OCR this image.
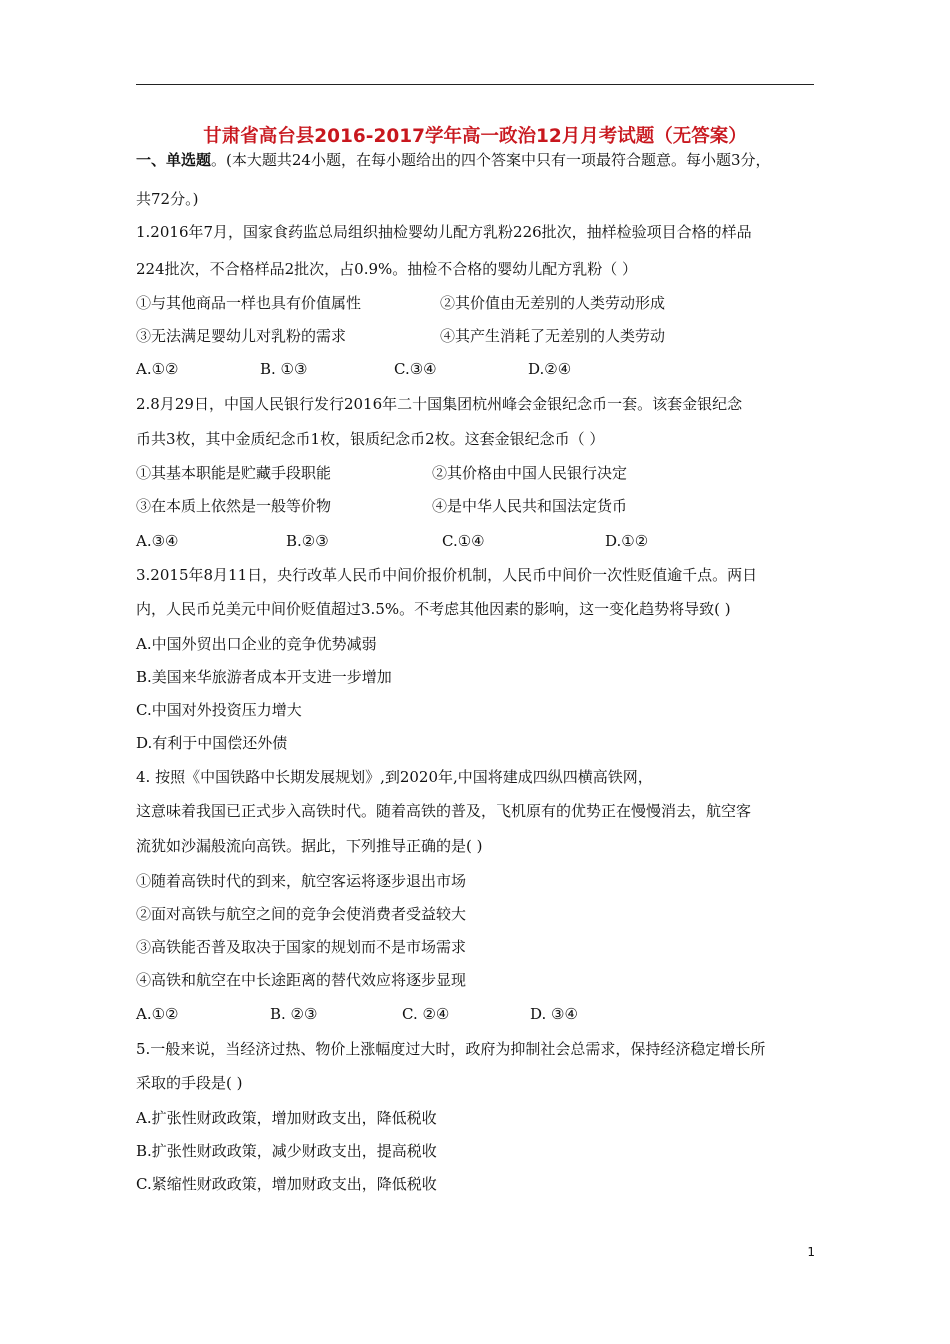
甘肃省高台县2016-2017学年高一政治12月月考试题（无答案）
一、单选题。(本大题共24小题，在每小题给出的四个答案中只有一项最符合题意。每小题3分，
共72分。)
1.2016年7月，国家食药监总局组织抽检婴幼儿配方乳粉226批次，抽样检验项目合格的样品
224批次，不合格样品2批次，占0.9%。抽检不合格的婴幼儿配方乳粉（ ）
①与其他商品一样也具有价值属性	②其价值由无差别的人类劳动形成
③无法满足婴幼儿对乳粉的需求	④其产生消耗了无差别的人类劳动
A.①②	B. ①③	C.③④	D.②④
2.8月29日，中国人民银行发行2016年二十国集团杭州峰会金银纪念币一套。该套金银纪念
币共3枚，其中金质纪念币1枚，银质纪念币2枚。这套金银纪念币（ ）
①其基本职能是贮藏手段职能	②其价格由中国人民银行决定
③在本质上依然是一般等价物	④是中华人民共和国法定货币
A.③④	B.②③	C.①④	D.①②
3.2015年8月11日，央行改革人民币中间价报价机制，人民币中间价一次性贬值逾千点。两日
内，人民币兑美元中间价贬值超过3.5%。不考虑其他因素的影响，这一变化趋势将导致( )
A.中国外贸出口企业的竞争优势减弱
B.美国来华旅游者成本开支进一步增加
C.中国对外投资压力增大
D.有利于中国偿还外债
4. 按照《中国铁路中长期发展规划》,到2020年,中国将建成四纵四横高铁网，
这意味着我国已正式步入高铁时代。随着高铁的普及，飞机原有的优势正在慢慢消去，航空客
流犹如沙漏般流向高铁。据此，下列推导正确的是( )
①随着高铁时代的到来，航空客运将逐步退出市场
②面对高铁与航空之间的竞争会使消费者受益较大
③高铁能否普及取决于国家的规划而不是市场需求
④高铁和航空在中长途距离的替代效应将逐步显现
A.①②	B. ②③	C. ②④	D. ③④
5.一般来说，当经济过热、物价上涨幅度过大时，政府为抑制社会总需求，保持经济稳定增长所
采取的手段是( )
A.扩张性财政政策，增加财政支出，降低税收
B.扩张性财政政策，减少财政支出，提高税收
C.紧缩性财政政策，增加财政支出，降低税收
1
